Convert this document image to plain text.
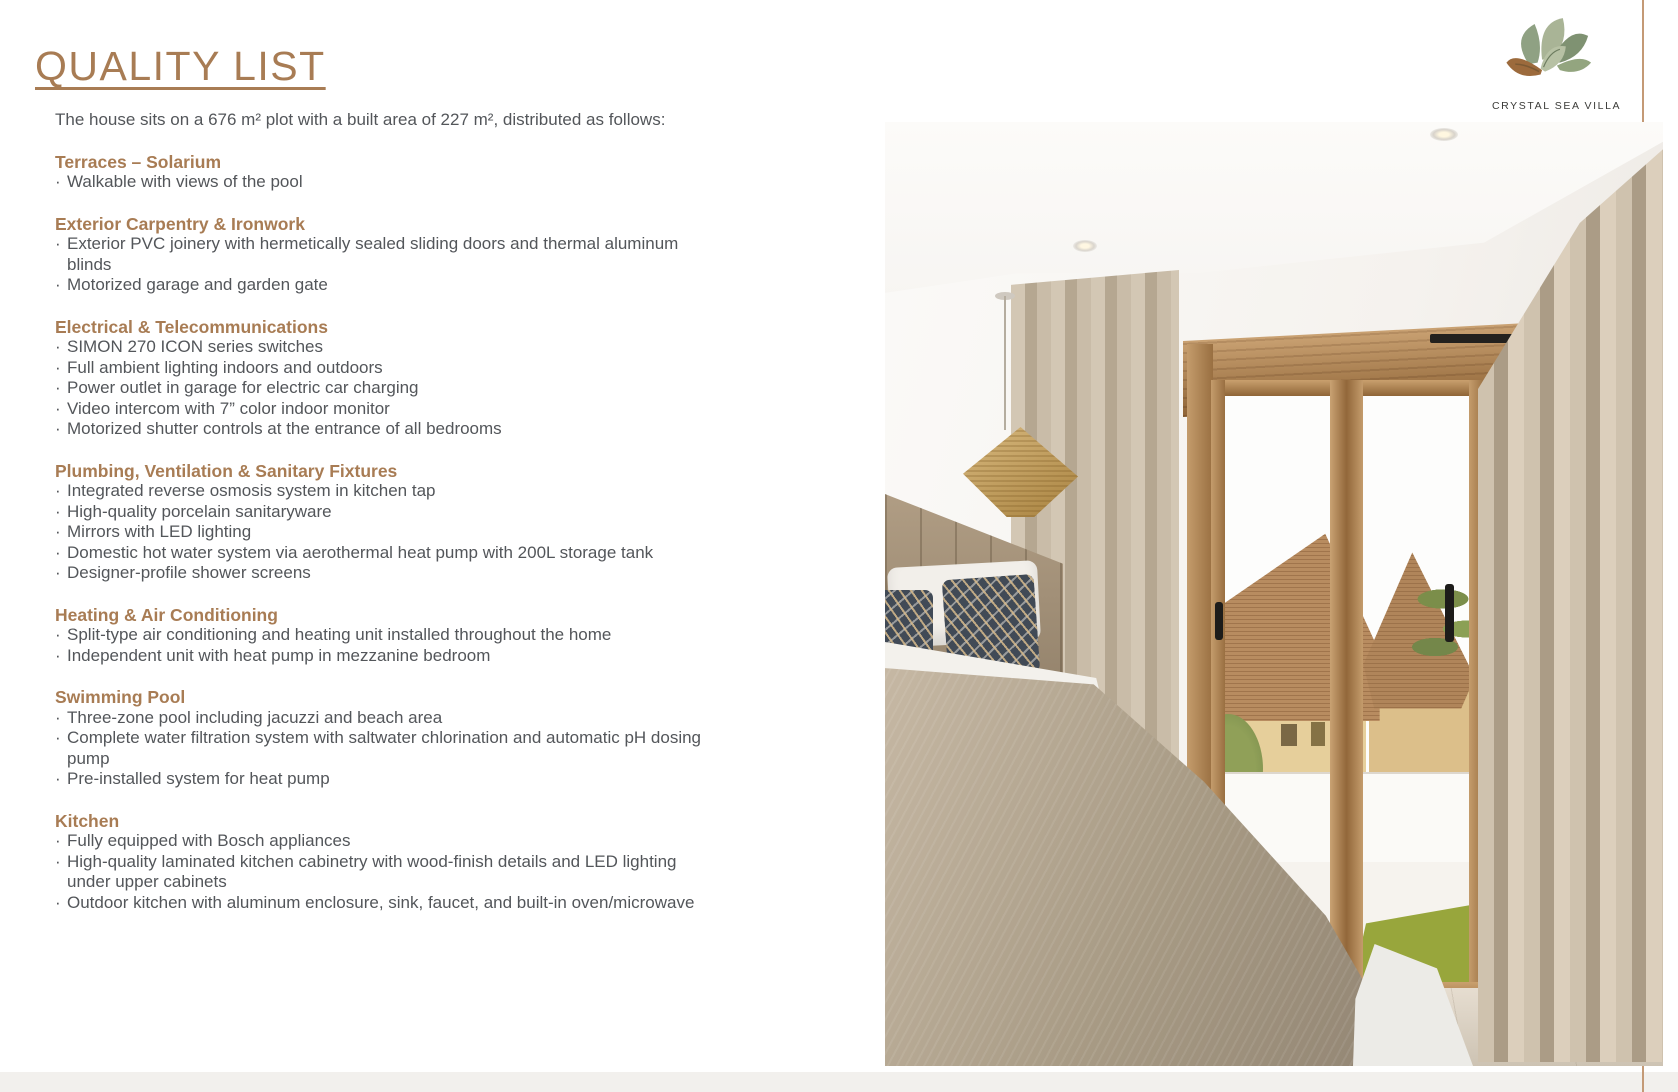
QUALITY LIST
CRYSTAL SEA VILLA

The house sits on a 676 m² plot with a built area of 227 m², distributed as follows:

Terraces – Solarium
· Walkable with views of the pool
Exterior Carpentry & Ironwork
· Exterior PVC joinery with hermetically sealed sliding doors and thermal aluminum blinds
· Motorized garage and garden gate
Electrical & Telecommunications
· SIMON 270 ICON series switches
· Full ambient lighting indoors and outdoors
· Power outlet in garage for electric car charging
· Video intercom with 7” color indoor monitor
· Motorized shutter controls at the entrance of all bedrooms
Plumbing, Ventilation & Sanitary Fixtures
· Integrated reverse osmosis system in kitchen tap
· High-quality porcelain sanitaryware
· Mirrors with LED lighting
· Domestic hot water system via aerothermal heat pump with 200L storage tank
· Designer-profile shower screens
Heating & Air Conditioning
· Split-type air conditioning and heating unit installed throughout the home
· Independent unit with heat pump in mezzanine bedroom
Swimming Pool
· Three-zone pool including jacuzzi and beach area
· Complete water filtration system with saltwater chlorination and automatic pH dosing pump
· Pre-installed system for heat pump
Kitchen
· Fully equipped with Bosch appliances
· High-quality laminated kitchen cabinetry with wood-finish details and LED lighting under upper cabinets
· Outdoor kitchen with aluminum enclosure, sink, faucet, and built-in oven/microwave
